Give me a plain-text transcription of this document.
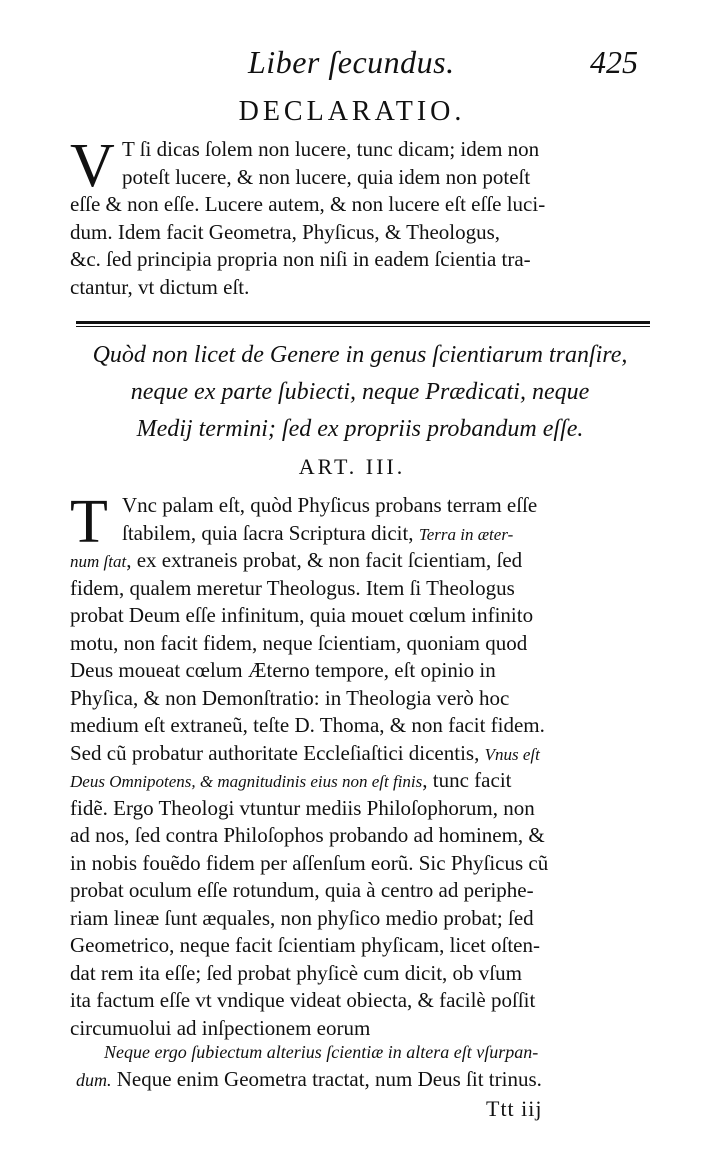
Liber ſecundus.	425
DECLARATIO.
V T ſi dicas ſolem non lucere, tunc dicam; idem non
poteſt lucere, & non lucere, quia idem non poteſt
eſſe & non eſſe. Lucere autem, & non lucere eſt eſſe luci-
dum. Idem facit Geometra, Phyſicus, & Theologus,
&c. ſed principia propria non niſi in eadem ſcientia tra-
ctantur, vt dictum eſt.
Quòd non licet de Genere in genus ſcientiarum tranſire,
neque ex parte ſubiecti, neque Prædicati, neque
Medij termini; ſed ex propriis probandum eſſe.
ART. III.
T Vnc palam eſt, quòd Phyſicus probans terram eſſe
ſtabilem, quia ſacra Scriptura dicit, Terra in æter-
num ſtat, ex extraneis probat, & non facit ſcientiam, ſed
fidem, qualem meretur Theologus. Item ſi Theologus
probat Deum eſſe infinitum, quia mouet cœlum infinito
motu, non facit fidem, neque ſcientiam, quoniam quod
Deus moueat cœlum Æterno tempore, eſt opinio in
Phyſica, & non Demonſtratio: in Theologia verò hoc
medium eſt extraneũ, teſte D. Thoma, & non facit fidem.
Sed cũ probatur authoritate Eccleſiaſtici dicentis, Vnus eſt
Deus Omnipotens, & magnitudinis eius non eſt finis, tunc facit
fidẽ. Ergo Theologi vtuntur mediis Philoſophorum, non
ad nos, ſed contra Philoſophos probando ad hominem, &
in nobis fouẽdo fidem per aſſenſum eorũ. Sic Phyſicus cũ
probat oculum eſſe rotundum, quia à centro ad periphe-
riam lineæ ſunt æquales, non phyſico medio probat; ſed
Geometrico, neque facit ſcientiam phyſicam, licet oſten-
dat rem ita eſſe; ſed probat phyſicè cum dicit, ob vſum
ita factum eſſe vt vndique videat obiecta, & facilè poſſit
circumuolui ad inſpectionem eorum
Neque ergo ſubiectum alterius ſcientiæ in altera eſt vſurpan-
dum. Neque enim Geometra tractat, num Deus ſit trinus.
Ttt iij
